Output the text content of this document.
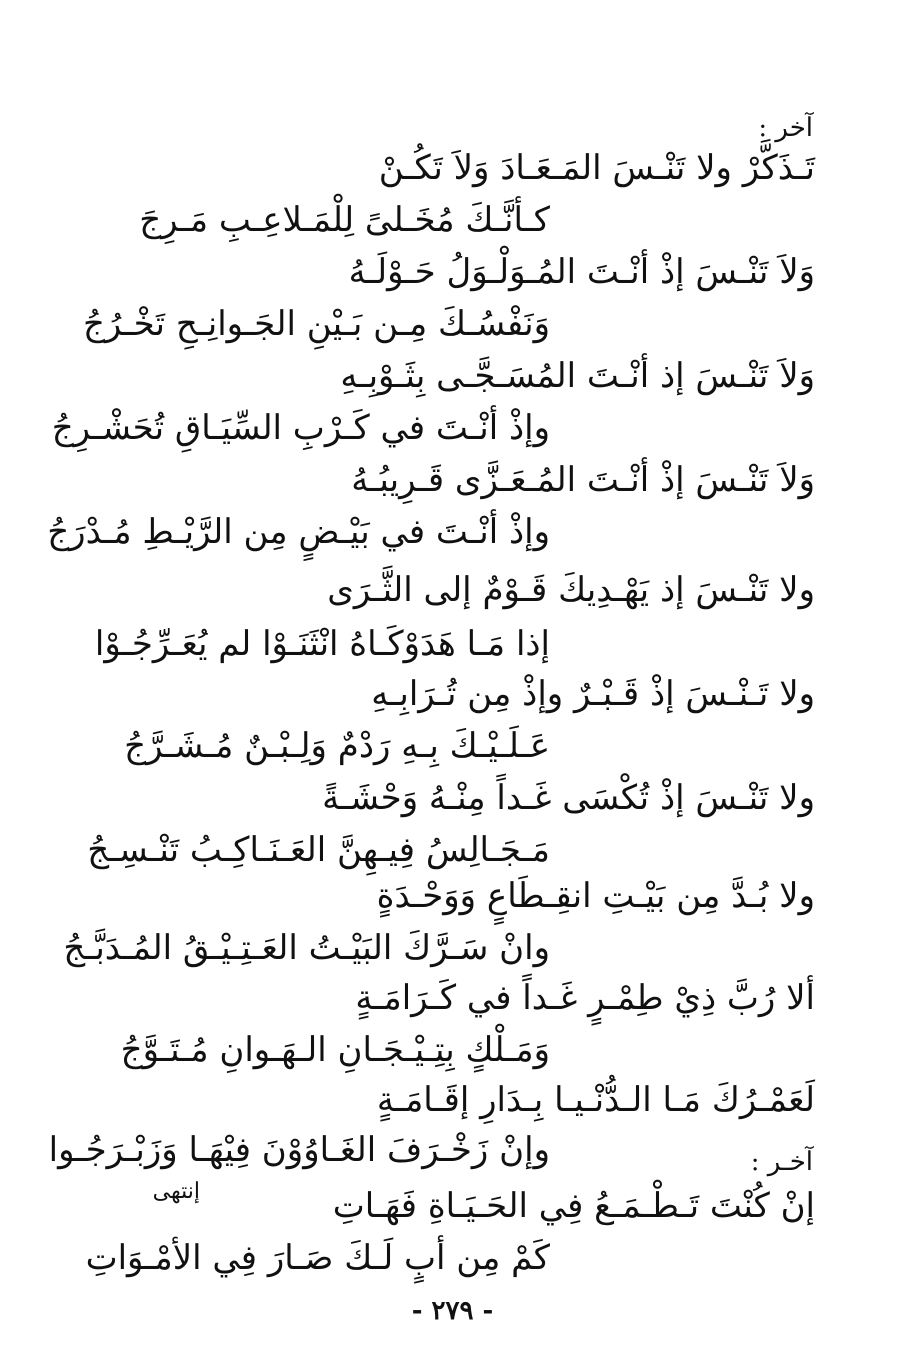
آخر :
تَـذَكَّرْ ولا تَنْـسَ المَـعَـادَ وَلاَ تَكُـنْ
كـأنَّـكَ مُخَـلىً لِلْمَـلاعِـبِ مَـرِجَ
وَلاَ تَنْـسَ إذْ أنْـتَ المُـوَلْـوَلُ حَـوْلَـهُ
وَنَفْسُـكَ مِـن بَـيْنِ الجَـوانِـحِ تَخْـرُجُ
وَلاَ تَنْـسَ إذ أنْـتَ المُسَـجَّـى بِثَـوْبِـهِ
وإذْ أنْـتَ في كَـرْبِ السِّيَـاقِ تُحَشْـرِجُ
وَلاَ تَنْـسَ إذْ أنْـتَ المُـعَـزَّى قَـرِيبُـهُ
وإذْ أنْـتَ في بَيْـضٍ مِن الرَّيْـطِ مُـدْرَجُ
ولا تَنْـسَ إذ يَهْـدِيكَ قَـوْمٌ إلى الثَّـرَى
إذا مَـا هَدَوْكَـاهُ انْثَنَـوْا لم يُعَـرِّجُـوْا
ولا تَـنْـسَ إذْ قَـبْـرٌ وإذْ مِن تُـرَابِـهِ
عَـلَـيْـكَ بِـهِ رَدْمٌ وَلِـبْـنٌ مُـشَـرَّجُ
ولا تَنْـسَ إذْ تُكْسَى غَـداً مِنْـهُ وَحْشَـةً
مَـجَـالِسُ فِيـهِنَّ العَـنَـاكِـبُ تَنْـسِـجُ
ولا بُـدَّ مِن بَيْـتِ انقِـطَاعٍ وَوَحْـدَةٍ
وانْ سَـرَّكَ البَيْـتُ العَـتِـيْـقُ المُـدَبَّـجُ
ألا رُبَّ ذِيْ طِمْـرٍ غَـداً في كَـرَامَـةٍ
وَمَـلْكٍ بِتِـيْـجَـانِ الـهَـوانِ مُـتَـوَّجُ
لَعَمْـرُكَ مَـا الـدُّنْـيـا بِـدَارِ إقَـامَـةٍ
وإنْ زَخْـرَفَ الغَـاوُوْنَ فِيْهَـا وَزَبْـرَجُـوا	آخـر :
إنتهى	إنْ كُنْتَ تَـطْـمَـعُ فِي الحَـيَـاةِ فَهَـاتِ
كَمْ مِن أبٍ لَـكَ صَـارَ فِي الأمْـوَاتِ
- ٢٧٩ -
